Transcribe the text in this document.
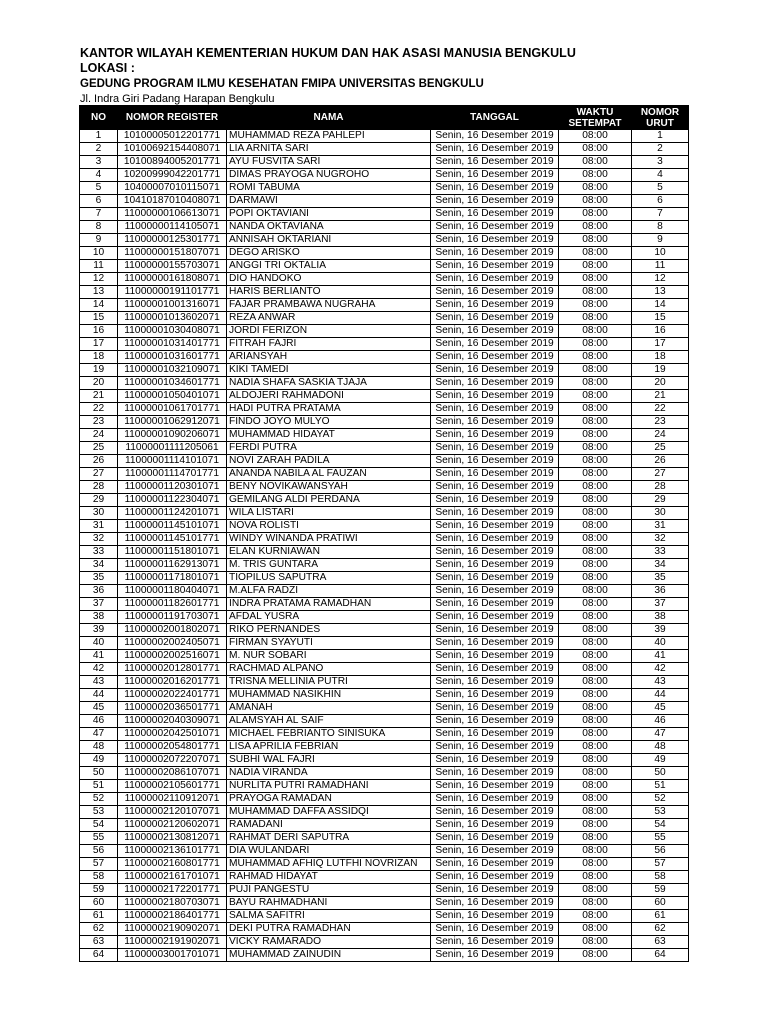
KANTOR WILAYAH KEMENTERIAN HUKUM DAN HAK ASASI MANUSIA BENGKULU
LOKASI :
GEDUNG PROGRAM ILMU KESEHATAN FMIPA UNIVERSITAS BENGKULU
Jl. Indra Giri Padang Harapan Bengkulu
NO	NOMOR REGISTER	NAMA	TANGGAL	WAKTU SETEMPAT	NOMOR URUT
1	10100005012201771	MUHAMMAD REZA PAHLEPI	Senin, 16 Desember 2019	08:00	1
2	10100692154408071	LIA ARNITA SARI	Senin, 16 Desember 2019	08:00	2
3	10100894005201771	AYU FUSVITA SARI	Senin, 16 Desember 2019	08:00	3
4	10200999042201771	DIMAS PRAYOGA NUGROHO	Senin, 16 Desember 2019	08:00	4
5	10400007010115071	ROMI TABUMA	Senin, 16 Desember 2019	08:00	5
6	10410187010408071	DARMAWI	Senin, 16 Desember 2019	08:00	6
7	11000000106613071	POPI OKTAVIANI	Senin, 16 Desember 2019	08:00	7
8	11000000114105071	NANDA OKTAVIANA	Senin, 16 Desember 2019	08:00	8
9	11000000125301771	ANNISAH OKTARIANI	Senin, 16 Desember 2019	08:00	9
10	11000000151807071	DEGO ARISKO	Senin, 16 Desember 2019	08:00	10
11	11000000155703071	ANGGI TRI OKTALIA	Senin, 16 Desember 2019	08:00	11
12	11000000161808071	DIO HANDOKO	Senin, 16 Desember 2019	08:00	12
13	11000000191101771	HARIS BERLIANTO	Senin, 16 Desember 2019	08:00	13
14	11000001001316071	FAJAR PRAMBAWA NUGRAHA	Senin, 16 Desember 2019	08:00	14
15	11000001013602071	REZA ANWAR	Senin, 16 Desember 2019	08:00	15
16	11000001030408071	JORDI FERIZON	Senin, 16 Desember 2019	08:00	16
17	11000001031401771	FITRAH FAJRI	Senin, 16 Desember 2019	08:00	17
18	11000001031601771	ARIANSYAH	Senin, 16 Desember 2019	08:00	18
19	11000001032109071	KIKI TAMEDI	Senin, 16 Desember 2019	08:00	19
20	11000001034601771	NADIA SHAFA SASKIA TJAJA	Senin, 16 Desember 2019	08:00	20
21	11000001050401071	ALDOJERI RAHMADONI	Senin, 16 Desember 2019	08:00	21
22	11000001061701771	HADI PUTRA PRATAMA	Senin, 16 Desember 2019	08:00	22
23	11000001062912071	FINDO JOYO MULYO	Senin, 16 Desember 2019	08:00	23
24	11000001090206071	MUHAMMAD HIDAYAT	Senin, 16 Desember 2019	08:00	24
25	11000001111205061	FERDI PUTRA	Senin, 16 Desember 2019	08:00	25
26	11000001114101071	NOVI ZARAH PADILA	Senin, 16 Desember 2019	08:00	26
27	11000001114701771	ANANDA NABILA AL FAUZAN	Senin, 16 Desember 2019	08:00	27
28	11000001120301071	BENY NOVIKAWANSYAH	Senin, 16 Desember 2019	08:00	28
29	11000001122304071	GEMILANG ALDI PERDANA	Senin, 16 Desember 2019	08:00	29
30	11000001124201071	WILA LISTARI	Senin, 16 Desember 2019	08:00	30
31	11000001145101071	NOVA ROLISTI	Senin, 16 Desember 2019	08:00	31
32	11000001145101771	WINDY WINANDA PRATIWI	Senin, 16 Desember 2019	08:00	32
33	11000001151801071	ELAN KURNIAWAN	Senin, 16 Desember 2019	08:00	33
34	11000001162913071	M. TRIS GUNTARA	Senin, 16 Desember 2019	08:00	34
35	11000001171801071	TIOPILUS SAPUTRA	Senin, 16 Desember 2019	08:00	35
36	11000001180404071	M.ALFA RADZI	Senin, 16 Desember 2019	08:00	36
37	11000001182601771	INDRA PRATAMA RAMADHAN	Senin, 16 Desember 2019	08:00	37
38	11000001191703071	AFDAL YUSRA	Senin, 16 Desember 2019	08:00	38
39	11000002001802071	RIKO PERNANDES	Senin, 16 Desember 2019	08:00	39
40	11000002002405071	FIRMAN SYAYUTI	Senin, 16 Desember 2019	08:00	40
41	11000002002516071	M. NUR SOBARI	Senin, 16 Desember 2019	08:00	41
42	11000002012801771	RACHMAD ALPANO	Senin, 16 Desember 2019	08:00	42
43	11000002016201771	TRISNA MELLINIA PUTRI	Senin, 16 Desember 2019	08:00	43
44	11000002022401771	MUHAMMAD NASIKHIN	Senin, 16 Desember 2019	08:00	44
45	11000002036501771	AMANAH	Senin, 16 Desember 2019	08:00	45
46	11000002040309071	ALAMSYAH AL SAIF	Senin, 16 Desember 2019	08:00	46
47	11000002042501071	MICHAEL FEBRIANTO SINISUKA	Senin, 16 Desember 2019	08:00	47
48	11000002054801771	LISA APRILIA FEBRIAN	Senin, 16 Desember 2019	08:00	48
49	11000002072207071	SUBHI WAL FAJRI	Senin, 16 Desember 2019	08:00	49
50	11000002086107071	NADIA VIRANDA	Senin, 16 Desember 2019	08:00	50
51	11000002105601771	NURLITA PUTRI RAMADHANI	Senin, 16 Desember 2019	08:00	51
52	11000002110912071	PRAYOGA RAMADAN	Senin, 16 Desember 2019	08:00	52
53	11000002120107071	MUHAMMAD DAFFA ASSIDQI	Senin, 16 Desember 2019	08:00	53
54	11000002120602071	RAMADANI	Senin, 16 Desember 2019	08:00	54
55	11000002130812071	RAHMAT DERI SAPUTRA	Senin, 16 Desember 2019	08:00	55
56	11000002136101771	DIA WULANDARI	Senin, 16 Desember 2019	08:00	56
57	11000002160801771	MUHAMMAD AFHIQ LUTFHI NOVRIZAN	Senin, 16 Desember 2019	08:00	57
58	11000002161701071	RAHMAD HIDAYAT	Senin, 16 Desember 2019	08:00	58
59	11000002172201771	PUJI PANGESTU	Senin, 16 Desember 2019	08:00	59
60	11000002180703071	BAYU RAHMADHANI	Senin, 16 Desember 2019	08:00	60
61	11000002186401771	SALMA SAFITRI	Senin, 16 Desember 2019	08:00	61
62	11000002190902071	DEKI PUTRA RAMADHAN	Senin, 16 Desember 2019	08:00	62
63	11000002191902071	VICKY RAMARADO	Senin, 16 Desember 2019	08:00	63
64	11000003001701071	MUHAMMAD ZAINUDIN	Senin, 16 Desember 2019	08:00	64
